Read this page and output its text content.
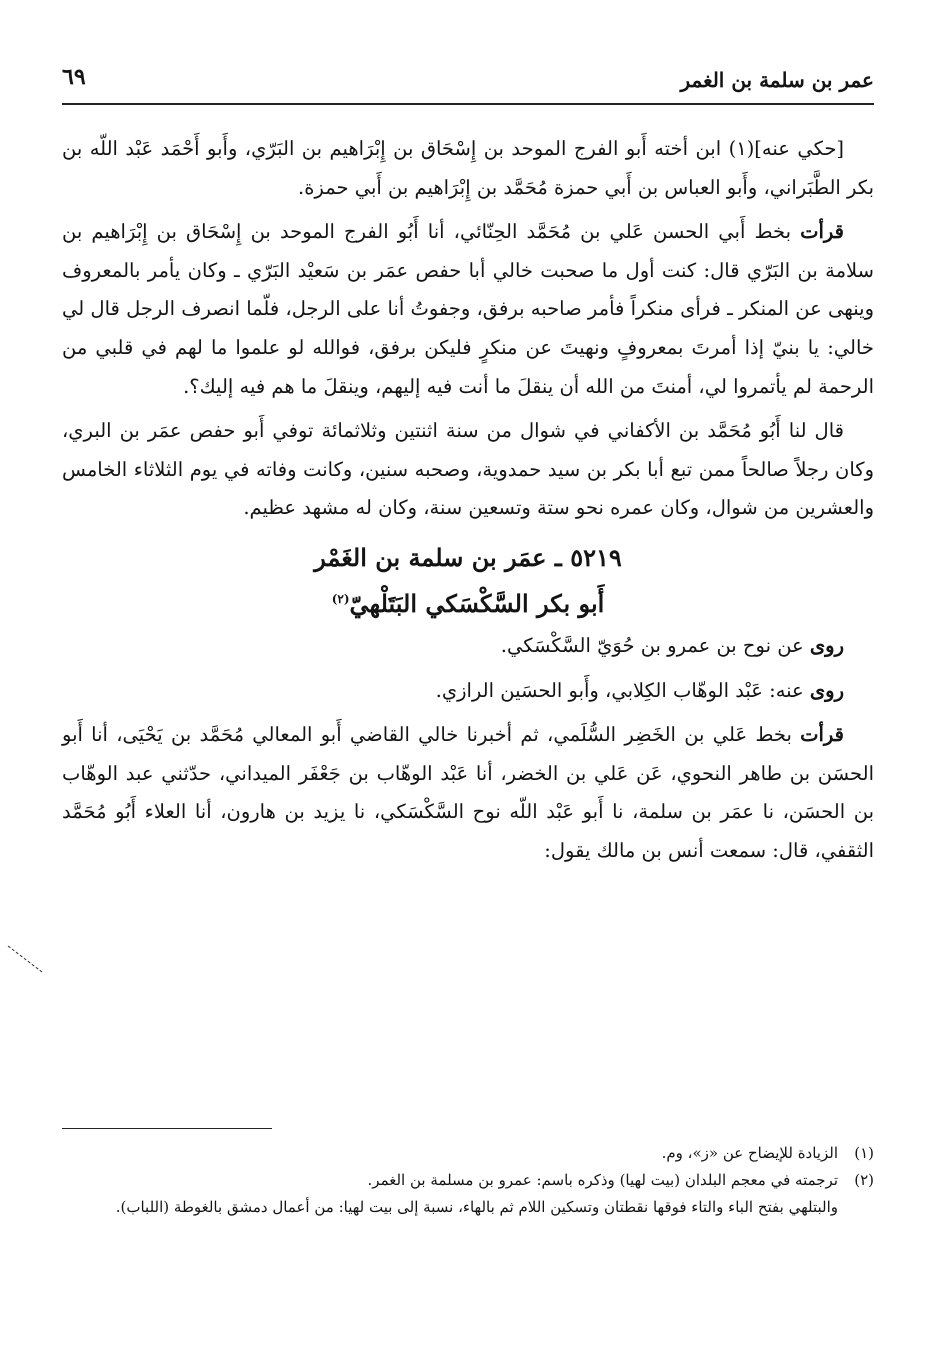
عمر بن سلمة بن الغمر
٦٩

[حكي عنه](١) ابن أخته أَبو الفرج الموحد بن إِسْحَاق بن إِبْرَاهيم بن البَرّي، وأَبو أَحْمَد عَبْد اللّه بن بكر الطَّبَراني، وأَبو العباس بن أَبي حمزة مُحَمَّد بن إِبْرَاهيم بن أَبي حمزة.

قرأت بخط أَبي الحسن عَلي بن مُحَمَّد الحِنّائي، أنا أَبُو الفرج الموحد بن إِسْحَاق بن إِبْرَاهيم بن سلامة بن البَرّي قال: كنت أول ما صحبت خالي أبا حفص عمَر بن سَعيْد البَرّي ـ وكان يأمر بالمعروف وينهى عن المنكر ـ فرأى منكراً فأمر صاحبه برفق، وجفوتُ أنا على الرجل، فلّما انصرف الرجل قال لي خالي: يا بنيّ إذا أمرتَ بمعروفٍ ونهيتَ عن منكرٍ فليكن برفق، فوالله لو علموا ما لهم في قلبي من الرحمة لم يأتمروا لي، أمنتَ من الله أن ينقلَ ما أنت فيه إليهم، وينقلَ ما هم فيه إليك؟.

قال لنا أَبُو مُحَمَّد بن الأكفاني في شوال من سنة اثنتين وثلاثمائة توفي أَبو حفص عمَر بن البري، وكان رجلاً صالحاً ممن تبع أبا بكر بن سيد حمدوية، وصحبه سنين، وكانت وفاته في يوم الثلاثاء الخامس والعشرين من شوال، وكان عمره نحو ستة وتسعين سنة، وكان له مشهد عظيم.

٥٢١٩ ـ عمَر بن سلمة بن الغَمْر
أَبو بكر السَّكْسَكي البَتَلْهيّ$^{(٢)}$

روى عن نوح بن عمرو بن حُوَيّ السَّكْسَكي.

روى عنه: عَبْد الوهّاب الكِلابي، وأَبو الحسَين الرازي.

قرأت بخط عَلي بن الخَضِر السُّلَمي، ثم أخبرنا خالي القاضي أَبو المعالي مُحَمَّد بن يَحْيَى، أنا أَبو الحسَن بن طاهر النحوي، عَن عَلي بن الخضر، أنا عَبْد الوهّاب بن جَعْفَر الميداني، حدّثني عبد الوهّاب بن الحسَن، نا عمَر بن سلمة، نا أَبو عَبْد اللّه نوح السَّكْسَكي، نا يزيد بن هارون، أنا العلاء أَبُو مُحَمَّد الثقفي، قال: سمعت أنس بن مالك يقول:

(١)
الزيادة للإيضاح عن «ز»، وم.
(٢)
ترجمته في معجم البلدان (بيت لهيا) وذكره باسم: عمرو بن مسلمة بن الغمر.
والبتلهي بفتح الباء والتاء فوقها نقطتان وتسكين اللام ثم بالهاء، نسبة إلى بيت لهيا: من أعمال دمشق بالغوطة (اللباب).
